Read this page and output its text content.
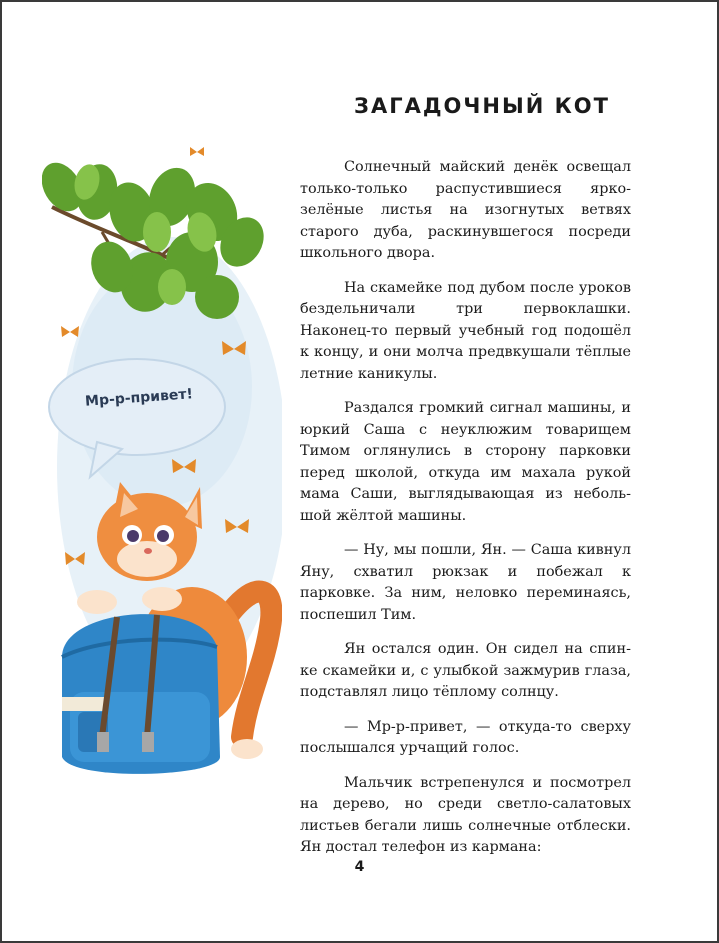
Мр-р-привет!
ЗАГАДОЧНЫЙ КОТ

Солнечный майский денёк освещал только-только распустившиеся ярко-зелёные листья на изогнутых ветвях старого дуба, раскинувшегося посреди школьного двора.

На скамейке под дубом после уроков бездельничали три первоклашки. Наконец-то первый учебный год подошёл к концу, и они молча предвкушали тёплые летние каникулы.

Раздался громкий сигнал машины, и юркий Саша с неуклюжим товарищем Тимом оглянулись в сторону парковки перед школой, откуда им махала рукой мама Саши, выглядывающая из небольшой жёлтой машины.

— Ну, мы пошли, Ян. — Саша кивнул Яну, схватил рюкзак и побежал к парковке. За ним, неловко переминаясь, поспешил Тим.

Ян остался один. Он сидел на спинке скамейки и, с улыбкой зажмурив глаза, подставлял лицо тёплому солнцу.

— Мр-р-привет, — откуда-то сверху послышался урчащий голос.

Мальчик встрепенулся и посмотрел на дерево, но среди светло-салатовых листьев бегали лишь солнечные отблески. Ян достал телефон из кармана:

4
